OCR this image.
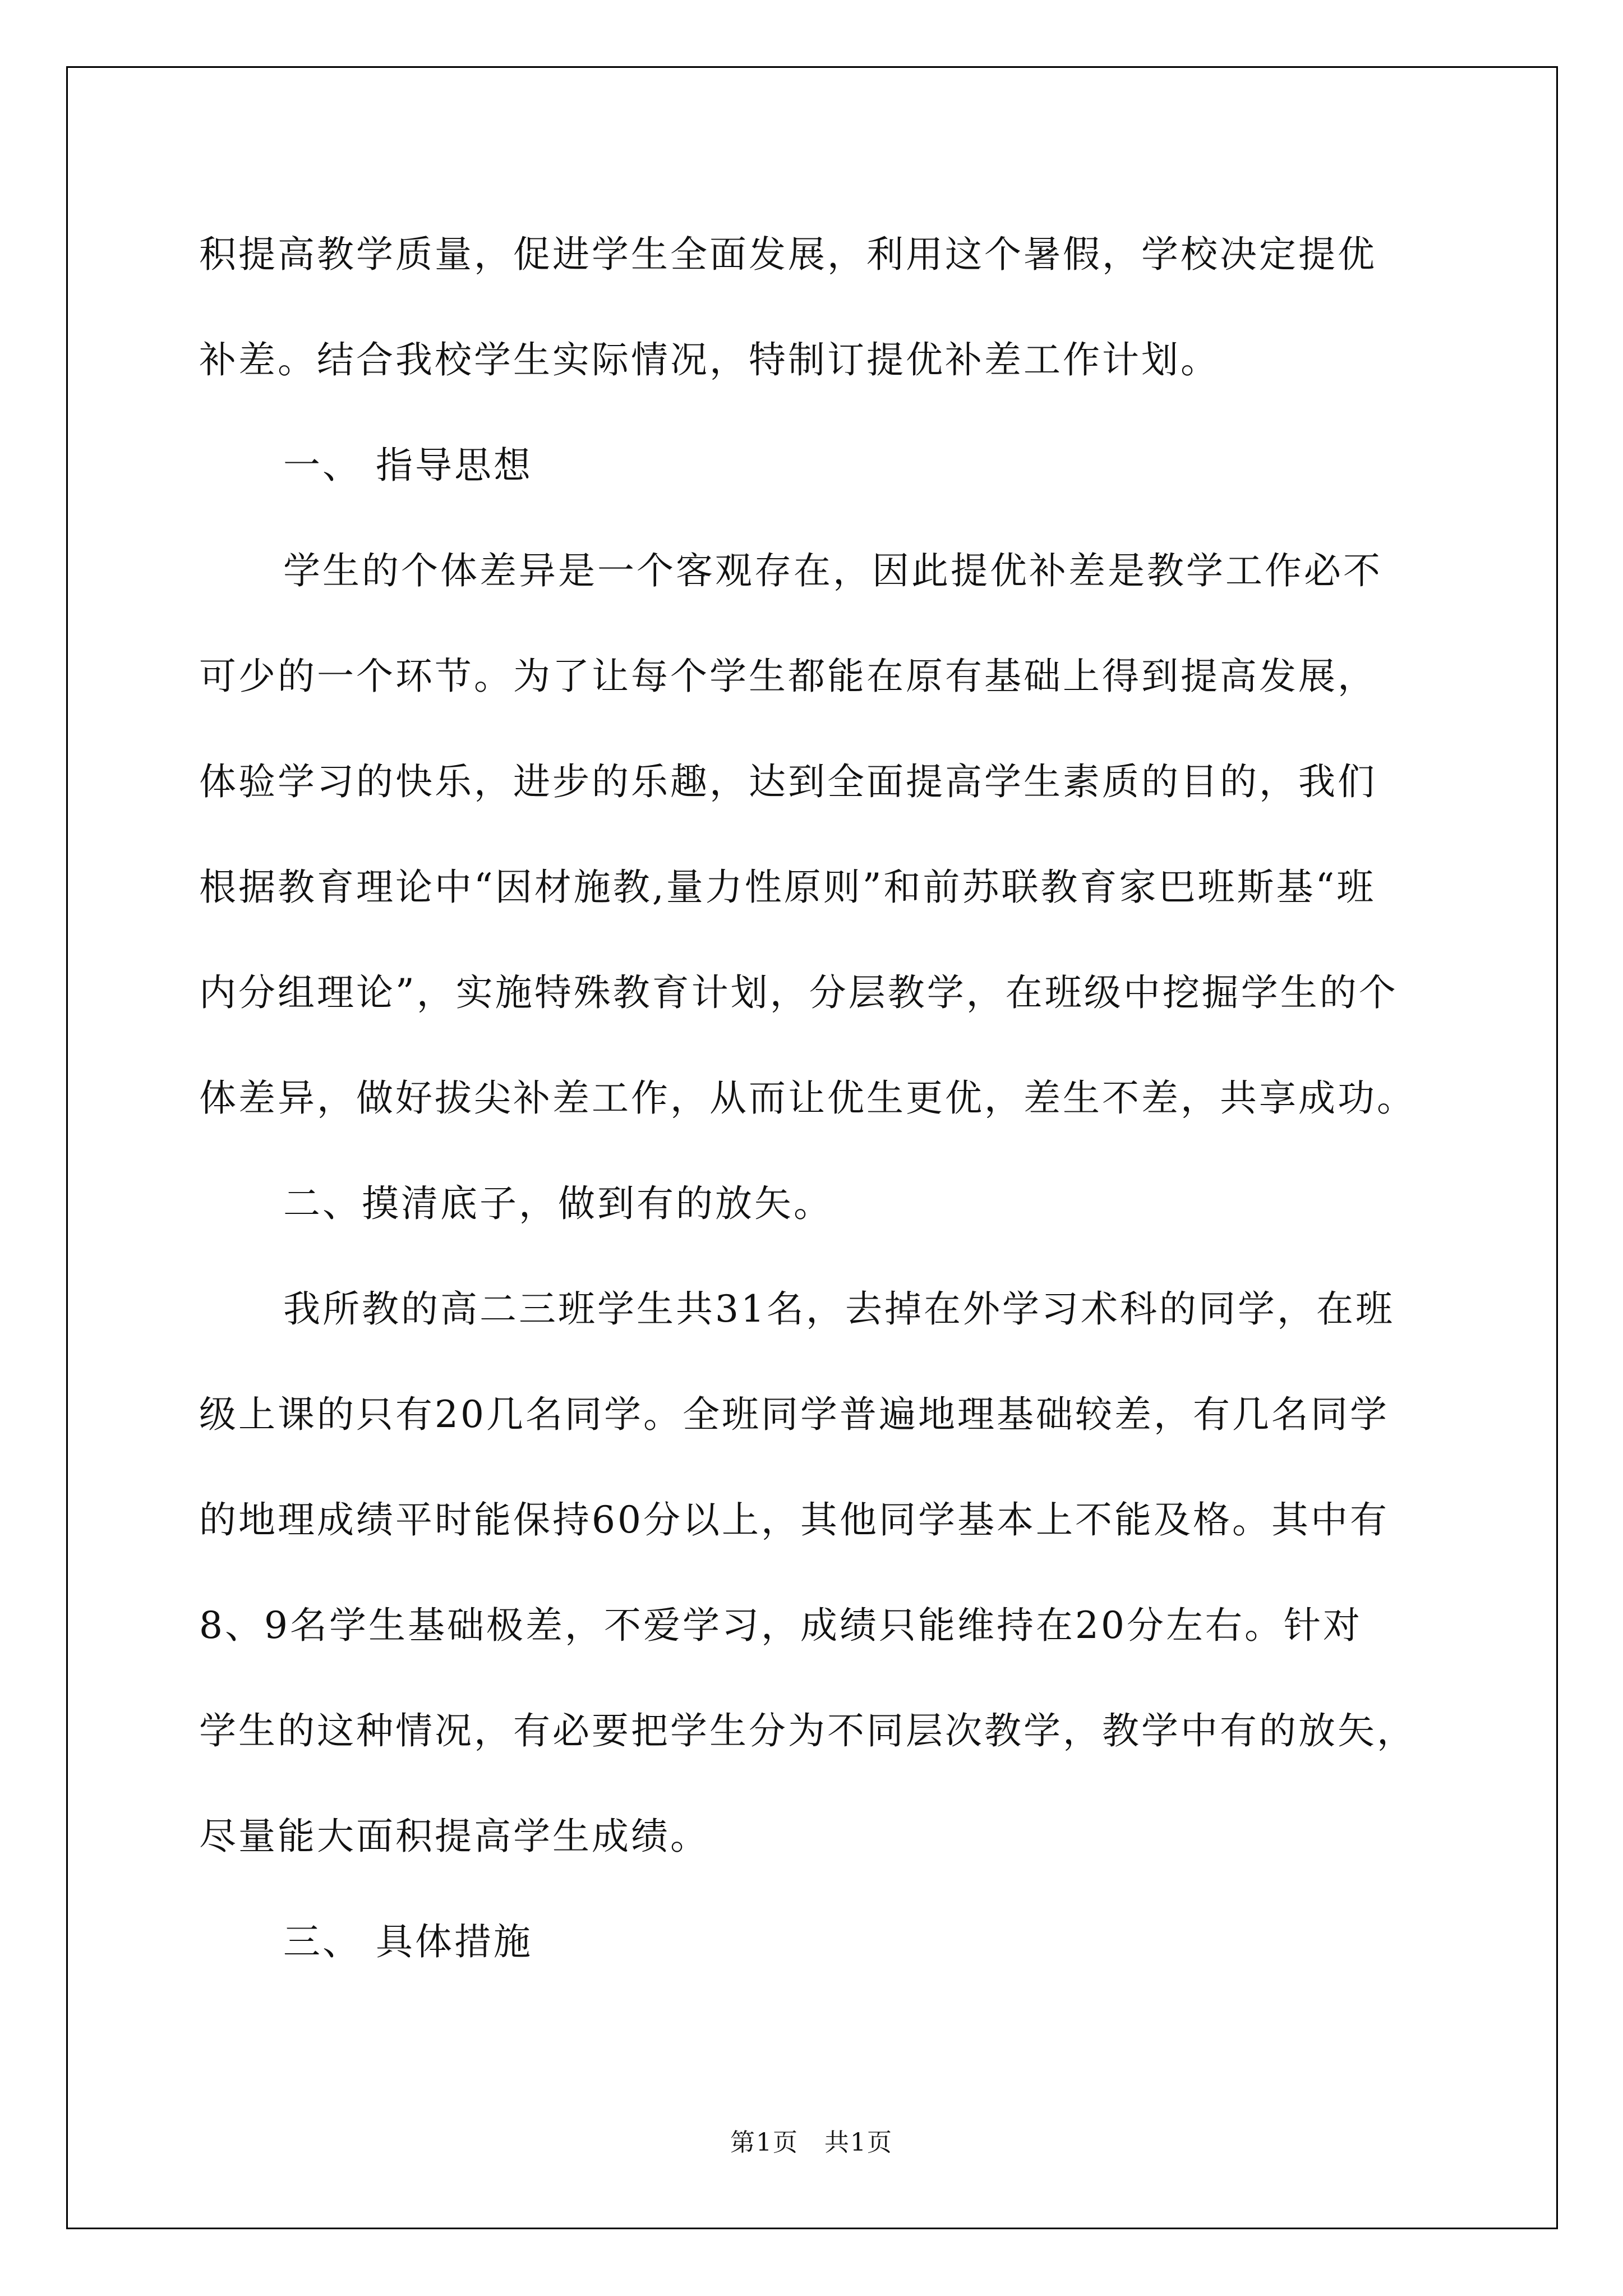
积提高教学质量，促进学生全面发展，利用这个暑假，学校决定提优
补差。结合我校学生实际情况，特制订提优补差工作计划。
一、 指导思想
学生的个体差异是一个客观存在，因此提优补差是教学工作必不
可少的一个环节。为了让每个学生都能在原有基础上得到提高发展，
体验学习的快乐，进步的乐趣，达到全面提高学生素质的目的，我们
根据教育理论中“因材施教,量力性原则”和前苏联教育家巴班斯基“班
内分组理论”，实施特殊教育计划，分层教学，在班级中挖掘学生的个
体差异，做好拔尖补差工作，从而让优生更优，差生不差，共享成功。
二、摸清底子，做到有的放矢。
我所教的高二三班学生共31名，去掉在外学习术科的同学，在班
级上课的只有20几名同学。全班同学普遍地理基础较差，有几名同学
的地理成绩平时能保持60分以上，其他同学基本上不能及格。其中有
8、9名学生基础极差，不爱学习，成绩只能维持在20分左右。针对
学生的这种情况，有必要把学生分为不同层次教学，教学中有的放矢，
尽量能大面积提高学生成绩。
三、 具体措施
第1页　共1页
